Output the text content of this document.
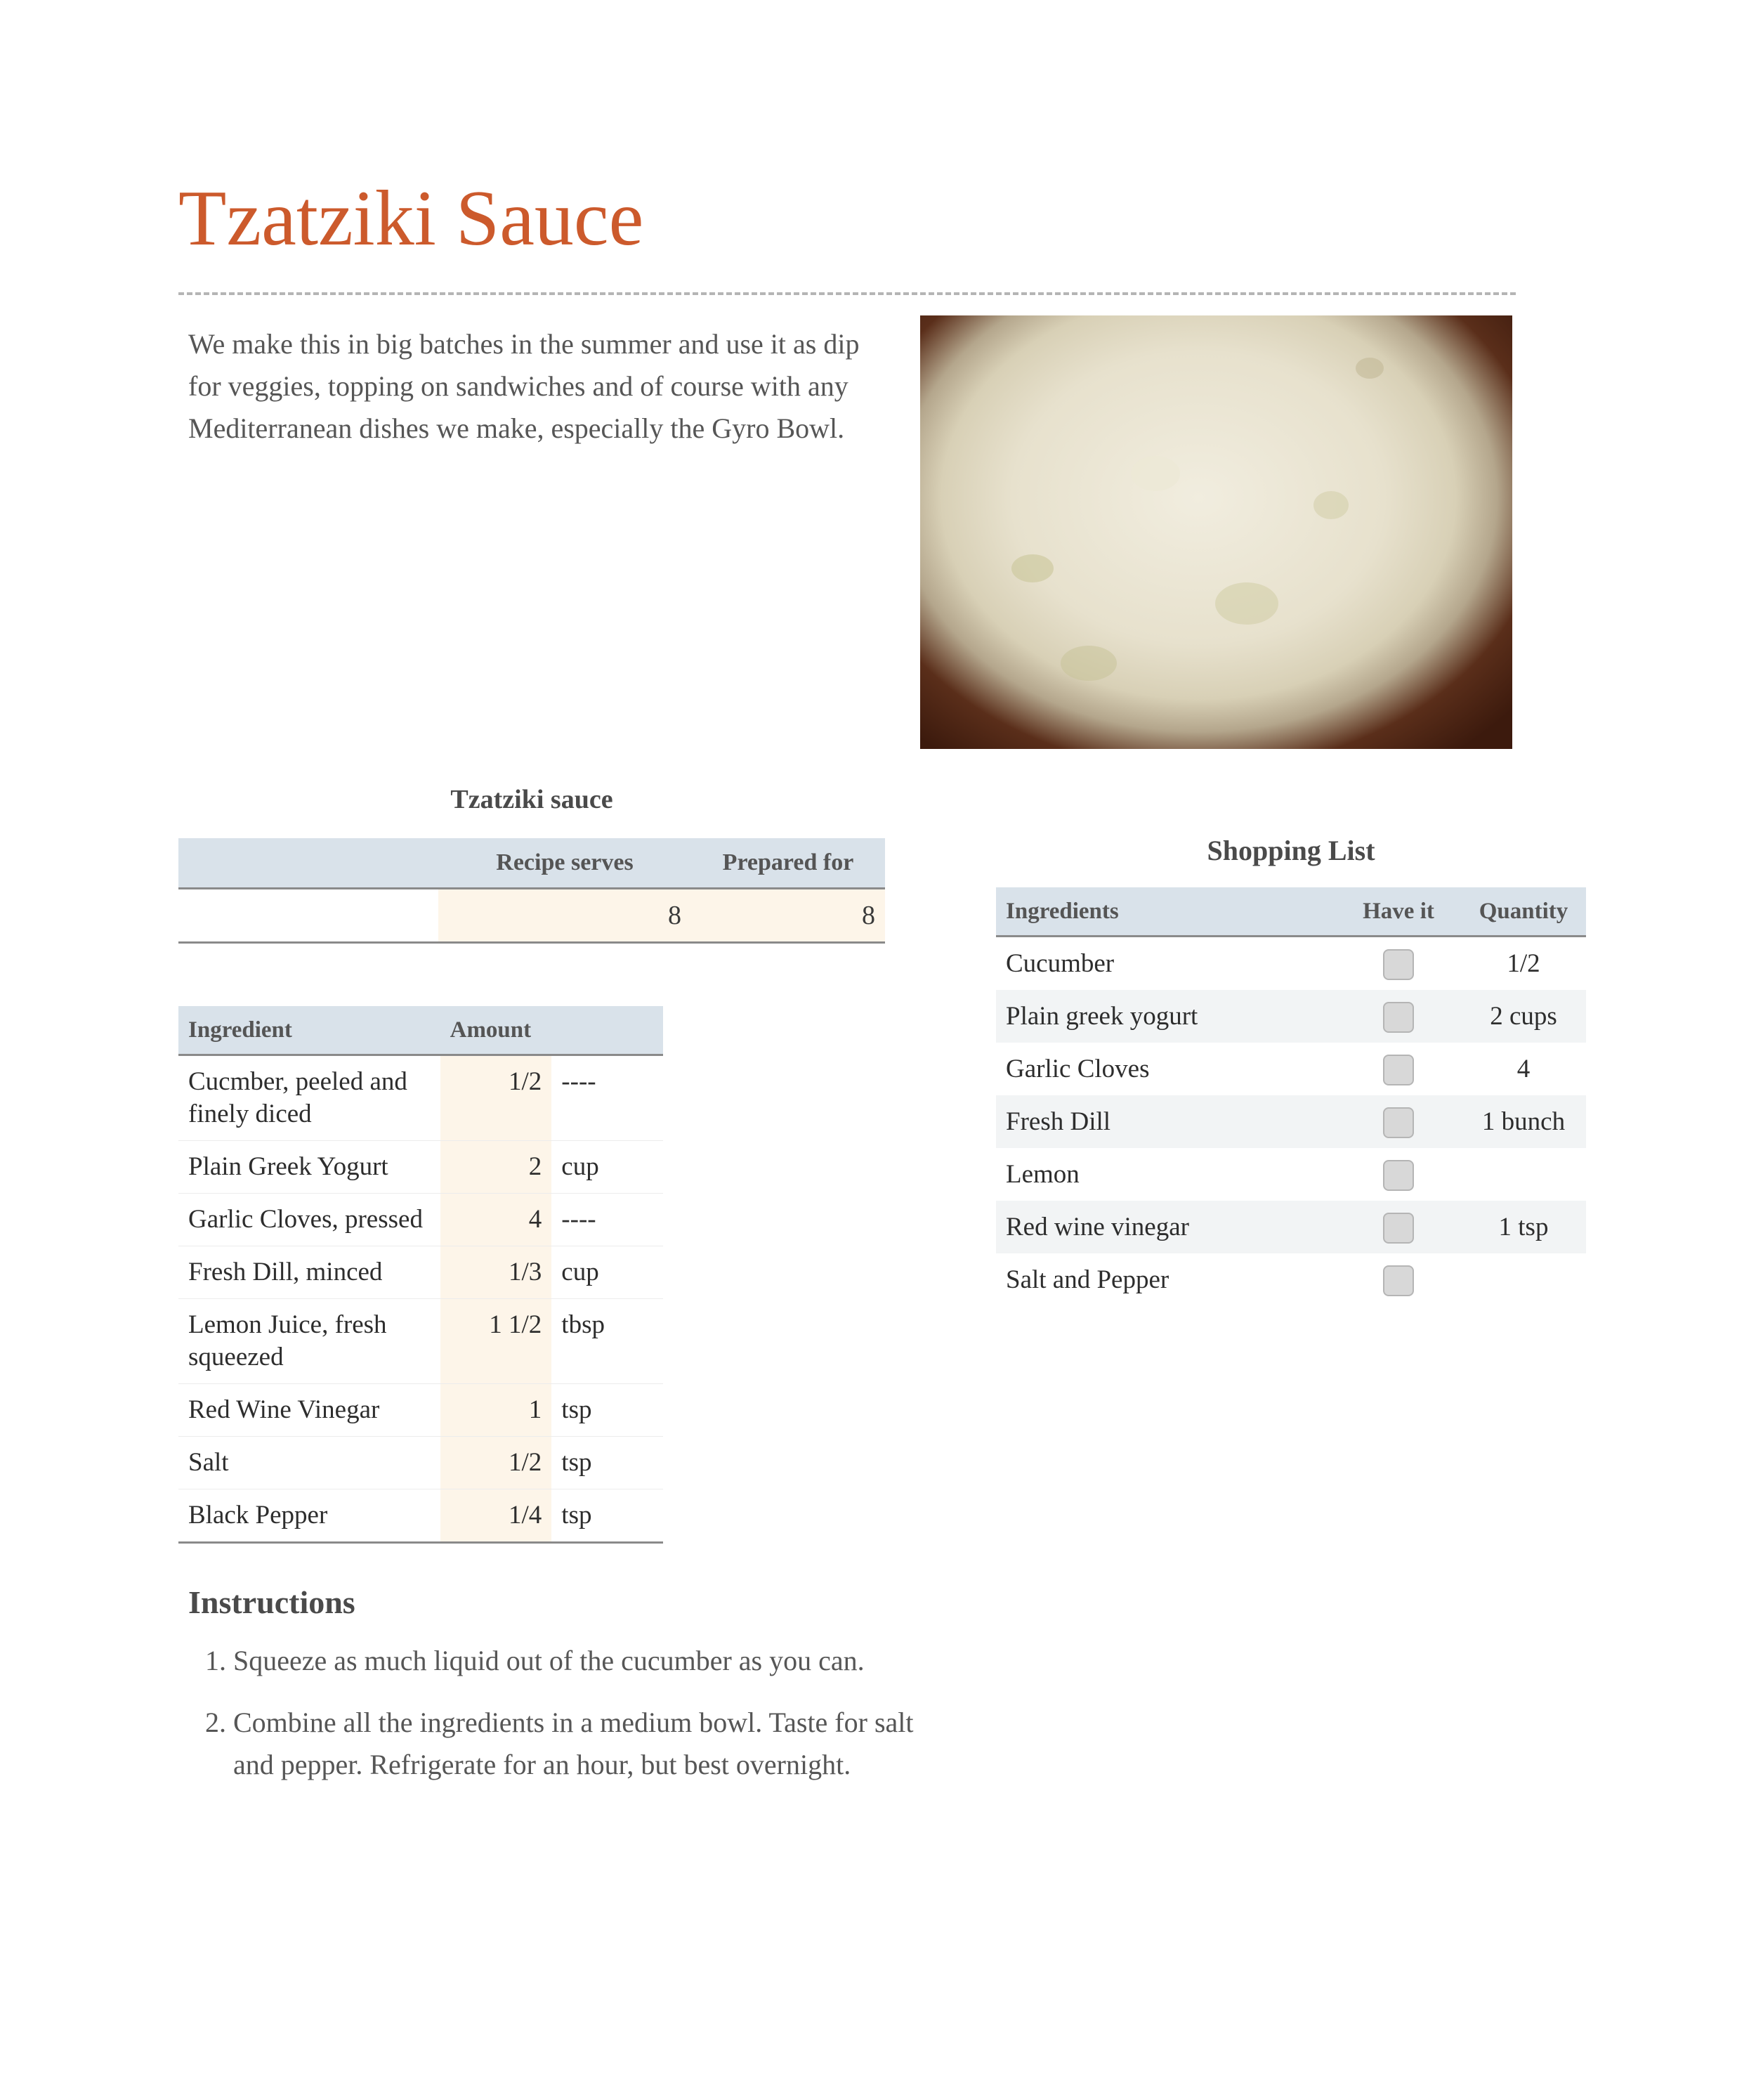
Tzatziki Sauce

We make this in big batches in the summer and use it as dip for veggies, topping on sandwiches and of course with any Mediterranean dishes we make, especially the Gyro Bowl.

Tzatziki sauce
	Recipe serves	Prepared for
	8	8
Ingredient	Amount	
Cucmber, peeled and finely diced	1/2	----
Plain Greek Yogurt	2	cup
Garlic Cloves, pressed	4	----
Fresh Dill, minced	1/3	cup
Lemon Juice, fresh squeezed	1 1/2	tbsp
Red Wine Vinegar	1	tsp
Salt	1/2	tsp
Black Pepper	1/4	tsp
Instructions
1. Squeeze as much liquid out of the cucumber as you can.
2. Combine all the ingredients in a medium bowl. Taste for salt and pepper. Refrigerate for an hour, but best overnight.
Shopping List
Ingredients	Have it	Quantity
Cucumber		1/2
Plain greek yogurt		2 cups
Garlic Cloves		4
Fresh Dill		1 bunch
Lemon		
Red wine vinegar		1 tsp
Salt and Pepper		
